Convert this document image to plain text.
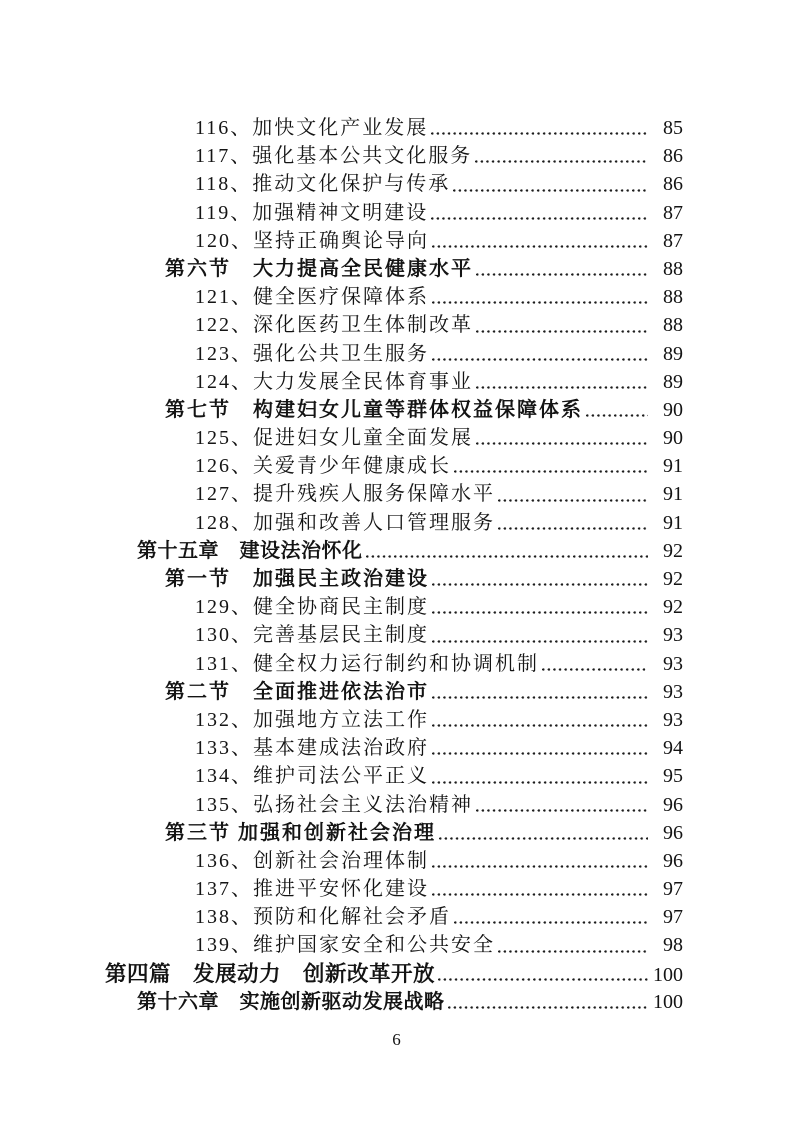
116、加快文化产业发展	85
117、强化基本公共文化服务	86
118、推动文化保护与传承	86
119、加强精神文明建设	87
120、坚持正确舆论导向	87
第六节　大力提高全民健康水平	88
121、健全医疗保障体系	88
122、深化医药卫生体制改革	88
123、强化公共卫生服务	89
124、大力发展全民体育事业	89
第七节　构建妇女儿童等群体权益保障体系	90
125、促进妇女儿童全面发展	90
126、关爱青少年健康成长	91
127、提升残疾人服务保障水平	91
128、加强和改善人口管理服务	91
第十五章　建设法治怀化	92
第一节　加强民主政治建设	92
129、健全协商民主制度	92
130、完善基层民主制度	93
131、健全权力运行制约和协调机制	93
第二节　全面推进依法治市	93
132、加强地方立法工作	93
133、基本建成法治政府	94
134、维护司法公平正义	95
135、弘扬社会主义法治精神	96
第三节 加强和创新社会治理	96
136、创新社会治理体制	96
137、推进平安怀化建设	97
138、预防和化解社会矛盾	97
139、维护国家安全和公共安全	98
第四篇　发展动力　创新改革开放	100
第十六章　实施创新驱动发展战略	100
6
